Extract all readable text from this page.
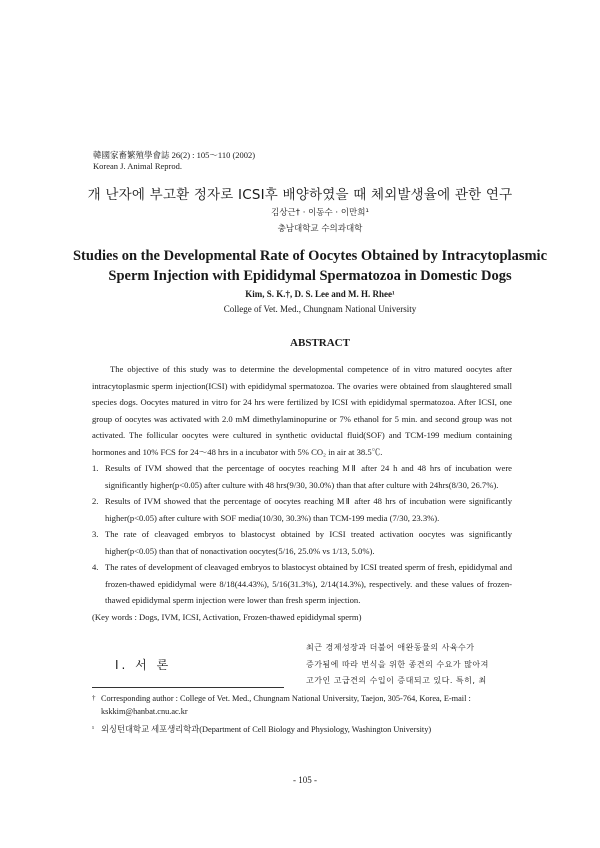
韓國家畜繁殖學會誌 26(2) : 105～110 (2002)
Korean J. Animal Reprod.
개 난자에 부고환 정자로 ICSI후 배양하였을 때 체외발생율에 관한 연구
김상근† · 이동수 · 이만희¹
충남대학교 수의과대학
Studies on the Developmental Rate of Oocytes Obtained by Intracytoplasmic
Sperm Injection with Epididymal Spermatozoa in Domestic Dogs
Kim, S. K.†, D. S. Lee and M. H. Rhee¹
College of Vet. Med., Chungnam National University
ABSTRACT

The objective of this study was to determine the developmental competence of in vitro matured oocytes after intracytoplasmic sperm injection(ICSI) with epididymal spermatozoa. The ovaries were obtained from slaughtered small species dogs. Oocytes matured in vitro for 24 hrs were fertilized by ICSI with epididymal spermatozoa. After ICSI, one group of oocytes was activated with 2.0 mM dimethylaminopurine or 7% ethanol for 5 min. and second group was not activated. The follicular oocytes were cultured in synthetic oviductal fluid(SOF) and TCM-199 medium containing hormones and 10% FCS for 24～48 hrs in a incubator with 5% CO₂ in air at 38.5℃.

1. Results of IVM showed that the percentage of oocytes reaching MⅡ after 24 h and 48 hrs of incubation were significantly higher(p<0.05) after culture with 48 hrs(9/30, 30.0%) than that after culture with 24hrs(8/30, 26.7%).
2. Results of IVM showed that the percentage of oocytes reaching MⅡ after 48 hrs of incubation were significantly higher(p<0.05) after culture with SOF media(10/30, 30.3%) than TCM-199 media (7/30, 23.3%).
3. The rate of cleavaged embryos to blastocyst obtained by ICSI treated activation oocytes was significantly higher(p<0.05) than that of nonactivation oocytes(5/16, 25.0% vs 1/13, 5.0%).
4. The rates of development of cleavaged embryos to blastocyst obtained by ICSI treated sperm of fresh, epididymal and frozen-thawed epididymal were 8/18(44.43%), 5/16(31.3%), 2/14(14.3%), respectively. and these values of frozen-thawed epididymal sperm injection were lower than fresh sperm injection.
(Key words : Dogs, IVM, ICSI, Activation, Frozen-thawed epididymal sperm)
Ⅰ. 서 론
최근 경제성장과 더불어 애완동물의 사육수가
증가됨에 따라 번식을 위한 종견의 수요가 많아져
고가인 고급견의 수입이 증대되고 있다. 특히, 최
† Corresponding author : College of Vet. Med., Chungnam National University, Taejon, 305-764, Korea, E-mail :
kskkim@hanbat.cnu.ac.kr
¹ 외싱턴대학교 세포생리학과(Department of Cell Biology and Physiology, Washington University)
- 105 -
